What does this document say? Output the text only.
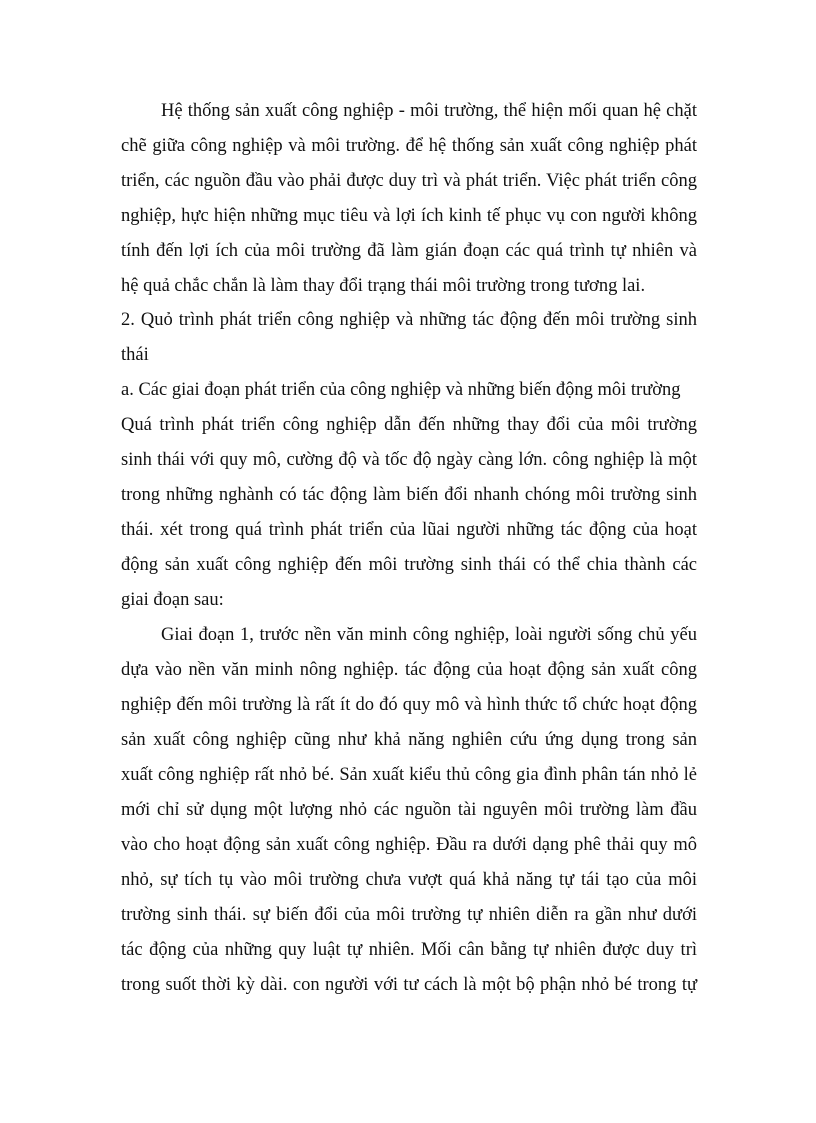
Hệ thống sản xuất công nghiệp - môi trường, thể hiện mối quan hệ chặt
chẽ giữa công nghiệp và môi trường. để hệ thống sản xuất công nghiệp phát
triển, các nguồn đầu vào phải được duy trì và phát triển. Việc phát triển công
nghiệp, hực hiện những mục tiêu và lợi ích kinh tế phục vụ con người không
tính đến lợi ích của môi trường đã làm gián đoạn các quá trình tự nhiên và
hệ quả chắc chắn là làm thay đổi trạng thái môi trường trong tương lai.
2. Quỏ trình phát triển công nghiệp và những tác động đến môi trường sinh
thái
a. Các giai đoạn phát triển của công nghiệp và những biến động môi trường
Quá trình phát triển công nghiệp dẫn đến những thay đổi của môi trường
sinh thái với quy mô, cường độ và tốc độ ngày càng lớn. công nghiệp là một
trong những nghành có tác động làm biến đổi nhanh chóng môi trường sinh
thái. xét trong quá trình phát triển của lũai người những tác động của hoạt
động sản xuất công nghiệp đến môi trường sinh thái có thể chia thành các
giai đoạn sau:
Giai đoạn 1, trước nền văn minh công nghiệp, loài người sống chủ yếu
dựa vào nền văn minh nông nghiệp. tác động của hoạt động sản xuất công
nghiệp đến môi trường là rất ít do đó quy mô và hình thức tổ chức hoạt động
sản xuất công nghiệp cũng như khả năng nghiên cứu ứng dụng trong sản
xuất công nghiệp rất nhỏ bé. Sản xuất kiểu thủ công gia đình phân tán nhỏ lẻ
mới chỉ sử dụng một lượng nhỏ các nguồn tài nguyên môi trường làm đầu
vào cho hoạt động sản xuất công nghiệp. Đầu ra dưới dạng phê thải quy mô
nhỏ, sự tích tụ vào môi trường chưa vượt quá khả năng tự tái tạo của môi
trường sinh thái. sự biến đổi của môi trường tự nhiên diễn ra gần như dưới
tác động của những quy luật tự nhiên. Mối cân bằng tự nhiên được duy trì
trong suốt thời kỳ dài. con người với tư cách là một bộ phận nhỏ bé trong tự
